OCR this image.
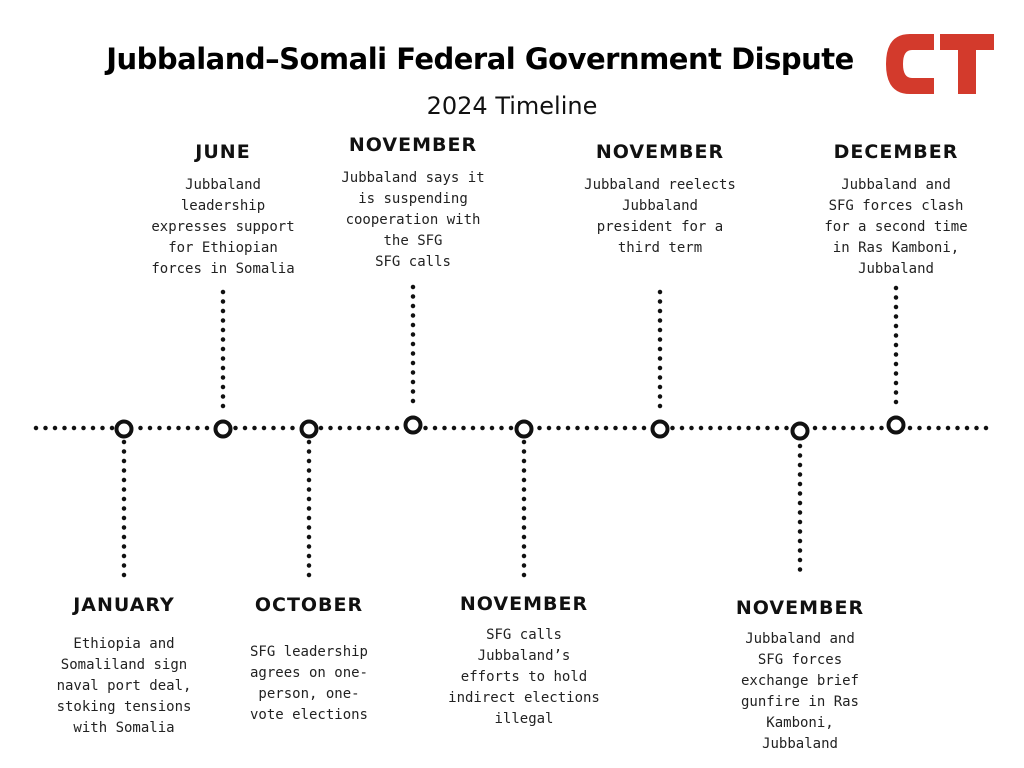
Jubbaland–Somali Federal Government Dispute
2024 Timeline
JANUARY
Ethiopia and
Somaliland sign
naval port deal,
stoking tensions
with Somalia
JUNE
Jubbaland
leadership
expresses support
for Ethiopian
forces in Somalia
OCTOBER
SFG leadership
agrees on one-
person, one-
vote elections
NOVEMBER
Jubbaland says it
is suspending
cooperation with
the SFG
SFG calls
NOVEMBER
SFG calls
Jubbaland’s
efforts to hold
indirect elections
illegal
NOVEMBER
Jubbaland reelects
Jubbaland
president for a
third term
NOVEMBER
Jubbaland and
SFG forces
exchange brief
gunfire in Ras
Kamboni,
Jubbaland
DECEMBER
Jubbaland and
SFG forces clash
for a second time
in Ras Kamboni,
Jubbaland
